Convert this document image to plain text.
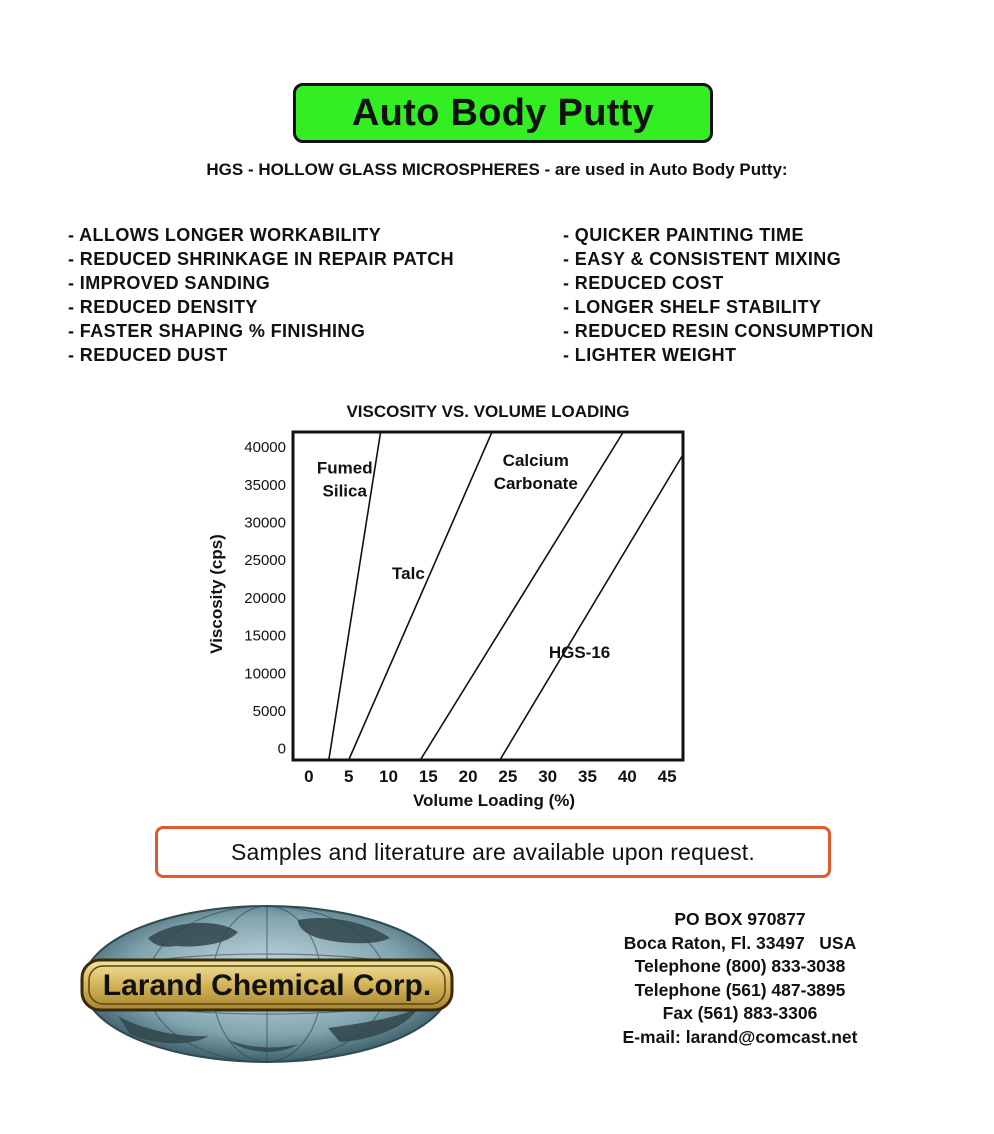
Auto Body Putty
HGS - HOLLOW GLASS MICROSPHERES - are used in Auto Body Putty:
- ALLOWS LONGER WORKABILITY
- REDUCED SHRINKAGE IN REPAIR PATCH
- IMPROVED SANDING
- REDUCED DENSITY
- FASTER SHAPING % FINISHING
- REDUCED DUST
- QUICKER PAINTING TIME
- EASY & CONSISTENT MIXING
- REDUCED COST
- LONGER SHELF STABILITY
- REDUCED RESIN CONSUMPTION
- LIGHTER WEIGHT
VISCOSITY VS. VOLUME LOADING
Viscosity (cps)
Volume Loading (%)
0
5000
10000
15000
20000
25000
30000
35000
40000
0 5 10 15 20 25 30 35 40 45
Fumed
Silica
Talc
Calcium
Carbonate
HGS-16
Samples and literature are available upon request.
Larand Chemical Corp.
PO BOX 970877
Boca Raton, Fl. 33497   USA
Telephone (800) 833-3038
Telephone (561) 487-3895
Fax (561) 883-3306
E-mail: larand@comcast.net
